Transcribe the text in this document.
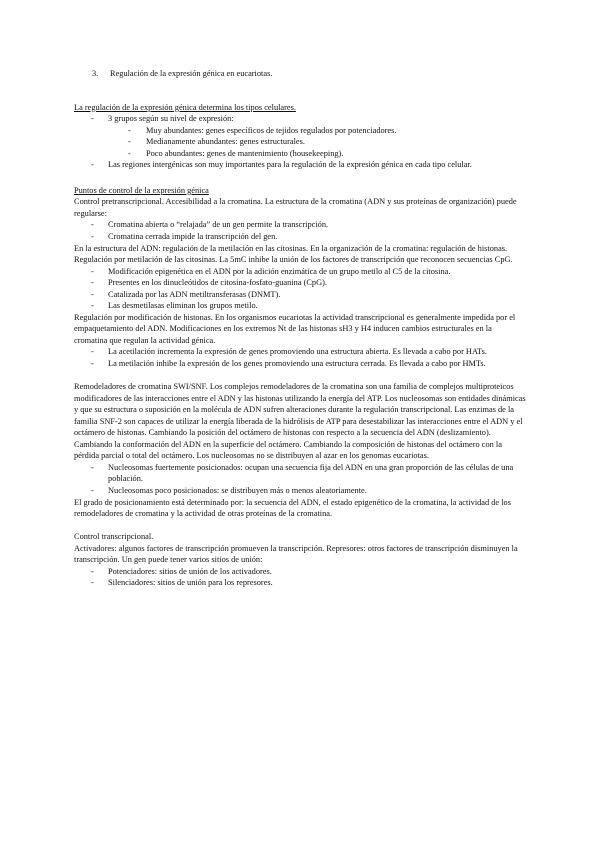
3.	Regulación de la expresión génica en eucariotas.

La regulación de la expresión génica determina los tipos celulares.

- 3 grupos según su nivel de expresión:
- Muy abundantes: genes específicos de tejidos regulados por potenciadores.
- Medianamente abundantes: genes estructurales.
- Poco abundantes: genes de mantenimiento (housekeeping).
- Las regiones intergénicas son muy importantes para la regulación de la expresión génica en cada tipo celular.

Puntos de control de la expresión génica

Control pretranscripcional. Accesibilidad a la cromatina. La estructura de la cromatina (ADN y sus proteínas de organización) puede regularse:

- Cromatina abierta o “relajada” de un gen permite la transcripción.
- Cromatina cerrada impide la transcripción del gen.

En la estructura del ADN: regulación de la metilación en las citosinas. En la organización de la cromatina: regulación de histonas.

Regulación por metilación de las citosinas. La 5mC inhibe la unión de los factores de transcripción que reconocen secuencias CpG.

- Modificación epigenética en el ADN por la adición enzimática de un grupo metilo al C5 de la citosina.
- Presentes en los dinucleótidos de citosina-fosfato-guanina (CpG).
- Catalizada por las ADN metiltransferasas (DNMT).
- Las desmetilasas eliminan los grupos metilo.

Regulación por modificación de histonas. En los organismos eucariotas la actividad transcripcional es generalmente impedida por el empaquetamiento del ADN. Modificaciones en los extremos Nt de las histonas sH3 y H4 inducen cambios estructurales en la cromatina que regulan la actividad génica.

- La acetilación incrementa la expresión de genes promoviendo una estructura abierta. Es llevada a cabo por HATs.
- La metilación inhibe la expresión de los genes promoviendo una estructura cerrada. Es llevada a cabo por HMTs.

Remodeladores de cromatina SWI/SNF. Los complejos remodeladores de la cromatina son una familia de complejos multiproteicos modificadores de las interacciones entre el ADN y las histonas utilizando la energía del ATP. Los nucleosomas son entidades dinámicas y que su estructura o suposición en la molécula de ADN sufren alteraciones durante la regulación transcripcional. Las enzimas de la familia SNF-2 son capaces de utilizar la energía liberada de la hidrólisis de ATP para desestabilizar las interacciones entre el ADN y el octámero de histonas. Cambiando la posición del octámero de histonas con respecto a la secuencia del ADN (deslizamiento). Cambiando la conformación del ADN en la superficie del octámero. Cambiando la composición de histonas del octámero con la pérdida parcial o total del octámero. Los nucleosomas no se distribuyen al azar en los genomas eucariotas.

- Nucleosomas fuertemente posicionados: ocupan una secuencia fija del ADN en una gran proporción de las células de una población.
- Nucleosomas poco posicionados: se distribuyen más o menos aleatoriamente.

El grado de posicionamiento está determinado por: la secuencia del ADN, el estado epigenético de la cromatina, la actividad de los remodeladores de cromatina y la actividad de otras proteínas de la cromatina.

Control transcripcional.

Activadores: algunos factores de transcripción promueven la transcripción. Represores: otros factores de transcripción disminuyen la transcripción. Un gen puede tener varios sitios de unión:

- Potenciadores: sitios de unión de los activadores.
- Silenciadores: sitios de unión para los represores.
